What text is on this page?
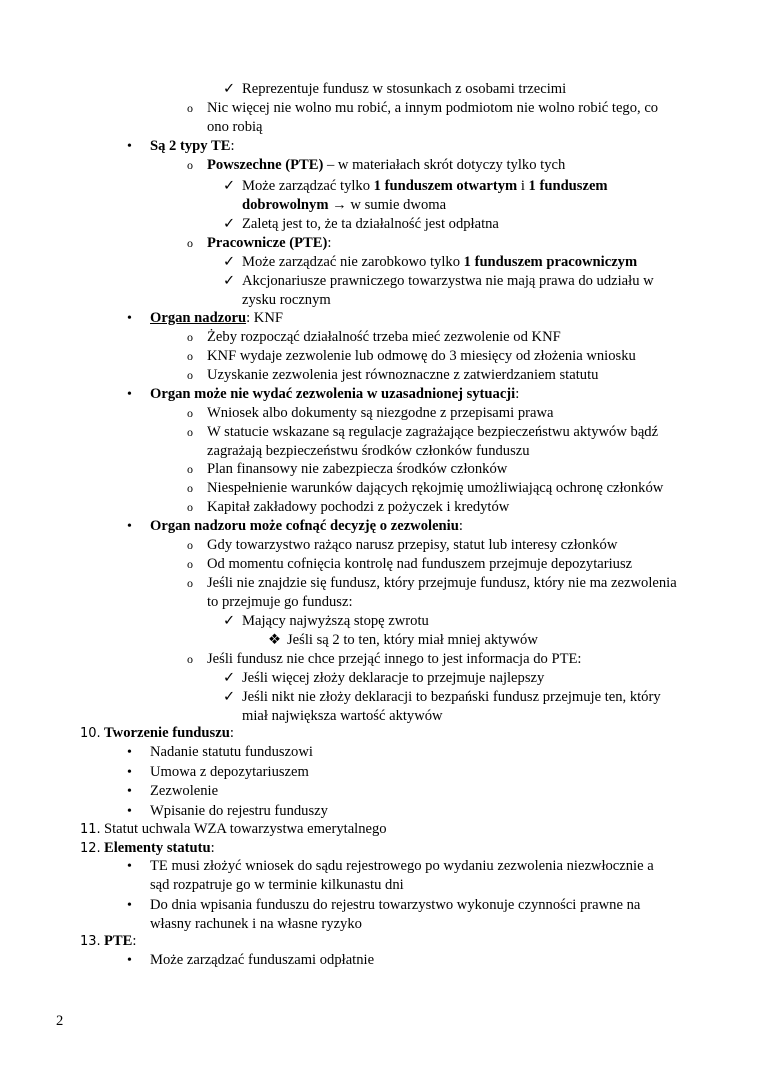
✓ Reprezentuje fundusz w stosunkach z osobami trzecimi
o Nic więcej nie wolno mu robić, a innym podmiotom nie wolno robić tego, co
ono robią
• Są 2 typy TE:
o Powszechne (PTE) – w materiałach skrót dotyczy tylko tych
✓ Może zarządzać tylko 1 funduszem otwartym i 1 funduszem
dobrowolnym → w sumie dwoma
✓ Zaletą jest to, że ta działalność jest odpłatna
o Pracownicze (PTE):
✓ Może zarządzać nie zarobkowo tylko 1 funduszem pracowniczym
✓ Akcjonariusze prawniczego towarzystwa nie mają prawa do udziału w
zysku rocznym
• Organ nadzoru: KNF
o Żeby rozpocząć działalność trzeba mieć zezwolenie od KNF
o KNF wydaje zezwolenie lub odmowę do 3 miesięcy od złożenia wniosku
o Uzyskanie zezwolenia jest równoznaczne z zatwierdzaniem statutu
• Organ może nie wydać zezwolenia w uzasadnionej sytuacji:
o Wniosek albo dokumenty są niezgodne z przepisami prawa
o W statucie wskazane są regulacje zagrażające bezpieczeństwu aktywów bądź
zagrażają bezpieczeństwu środków członków funduszu
o Plan finansowy nie zabezpiecza środków członków
o Niespełnienie warunków dających rękojmię umożliwiającą ochronę członków
o Kapitał zakładowy pochodzi z pożyczek i kredytów
• Organ nadzoru może cofnąć decyzję o zezwoleniu:
o Gdy towarzystwo rażąco narusz przepisy, statut lub interesy członków
o Od momentu cofnięcia kontrolę nad funduszem przejmuje depozytariusz
o Jeśli nie znajdzie się fundusz, który przejmuje fundusz, który nie ma zezwolenia
to przejmuje go fundusz:
✓ Mający najwyższą stopę zwrotu
❖ Jeśli są 2 to ten, który miał mniej aktywów
o Jeśli fundusz nie chce przejąć innego to jest informacja do PTE:
✓ Jeśli więcej złoży deklaracje to przejmuje najlepszy
✓ Jeśli nikt nie złoży deklaracji to bezpański fundusz przejmuje ten, który
miał największa wartość aktywów
10. Tworzenie funduszu:
• Nadanie statutu funduszowi
• Umowa z depozytariuszem
• Zezwolenie
• Wpisanie do rejestru funduszy
11. Statut uchwala WZA towarzystwa emerytalnego
12. Elementy statutu:
• TE musi złożyć wniosek do sądu rejestrowego po wydaniu zezwolenia niezwłocznie a
sąd rozpatruje go w terminie kilkunastu dni
• Do dnia wpisania funduszu do rejestru towarzystwo wykonuje czynności prawne na
własny rachunek i na własne ryzyko
13. PTE:
• Może zarządzać funduszami odpłatnie
2
